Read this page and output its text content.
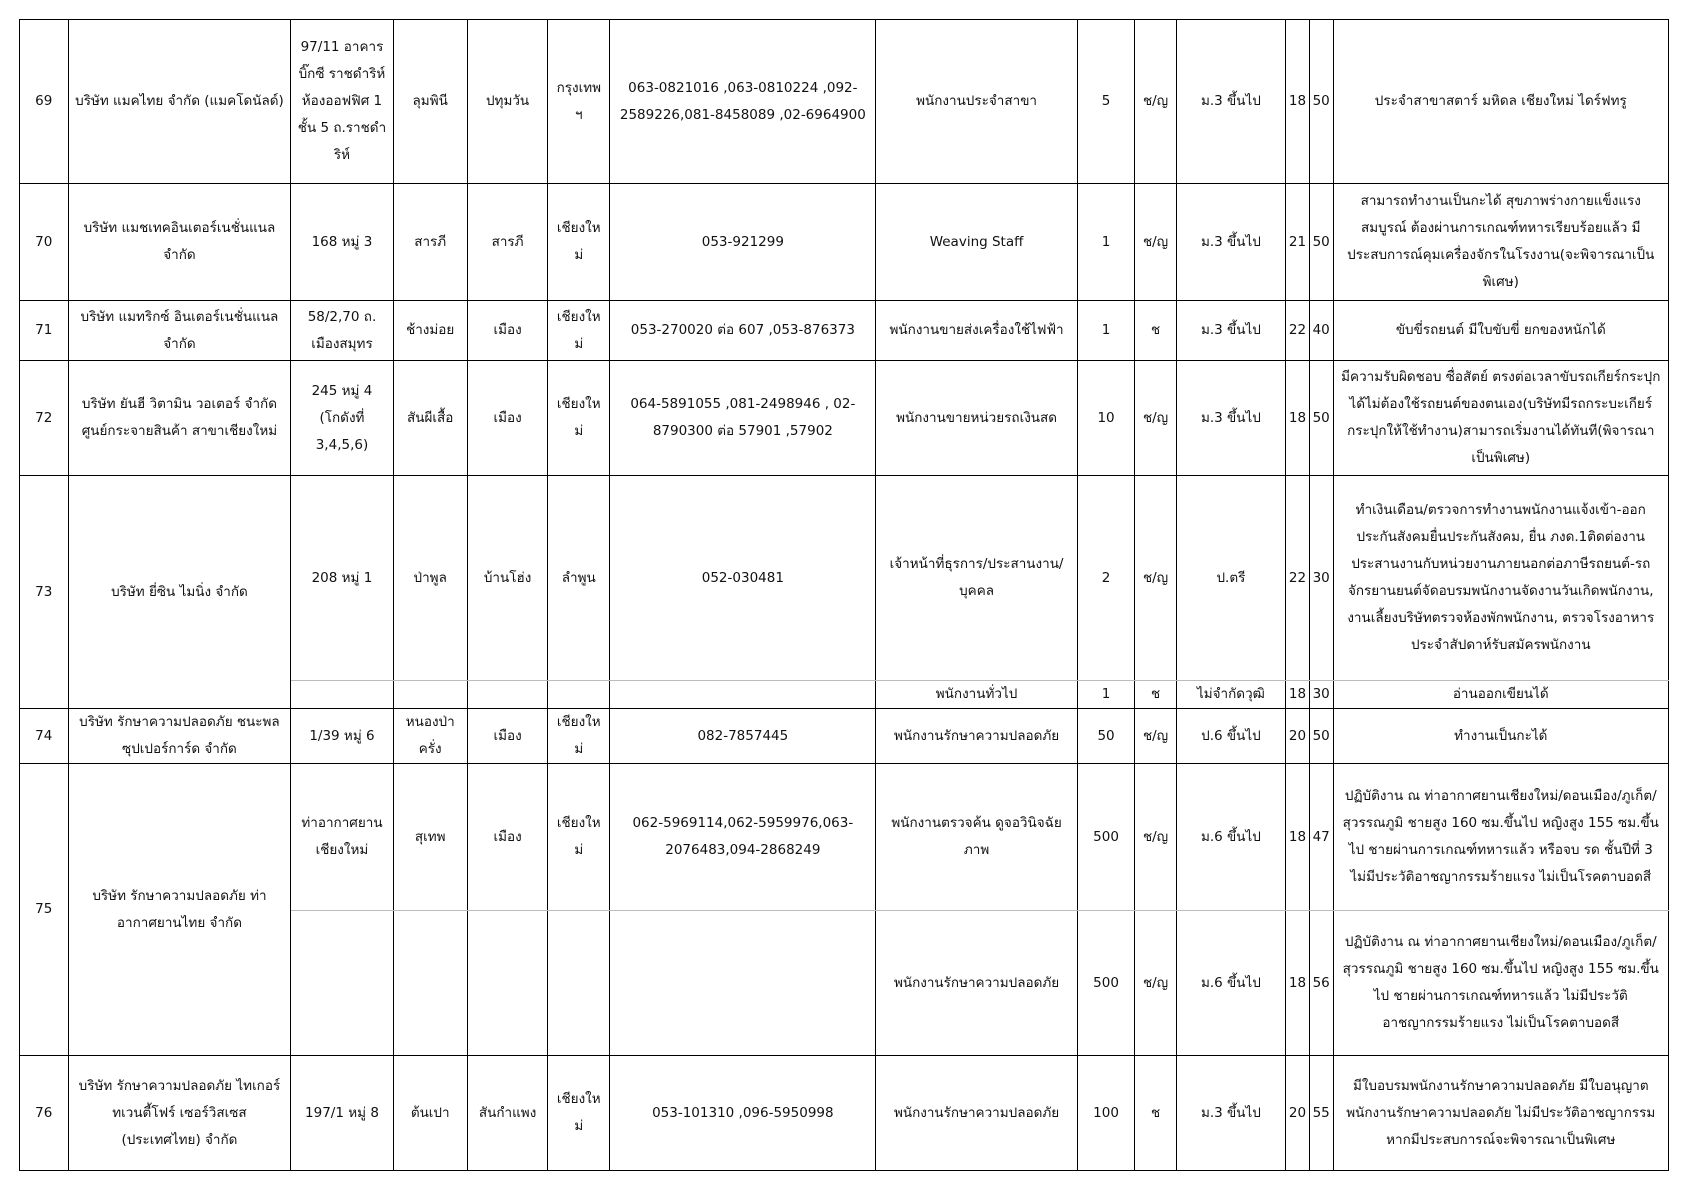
69	บริษัท แมคไทย จำกัด (แมคโดนัลด์)	97/11 อาคาร บิ๊กซี ราชดำริห์ ห้องออฟฟิศ 1 ชั้น 5 ถ.ราชดำริห์	ลุมพินี	ปทุมวัน	กรุงเทพฯ	063-0821016 ,063-0810224 ,092-2589226,081-8458089 ,02-6964900	พนักงานประจำสาขา	5	ช/ญ	ม.3 ขึ้นไป	18	50	ประจำสาขาสตาร์ มหิดล เชียงใหม่ ไดร์ฟทรู
70	บริษัท แมชเทคอินเตอร์เนชั่นแนล จำกัด	168 หมู่ 3	สารภี	สารภี	เชียงใหม่	053-921299	Weaving Staff	1	ช/ญ	ม.3 ขึ้นไป	21	50	สามารถทำงานเป็นกะได้ สุขภาพร่างกายแข็งแรงสมบูรณ์ ต้องผ่านการเกณฑ์ทหารเรียบร้อยแล้ว มีประสบการณ์คุมเครื่องจักรในโรงงาน(จะพิจารณาเป็นพิเศษ)
71	บริษัท แมทริกซ์ อินเตอร์เนชั่นแนล จำกัด	58/2,70 ถ. เมืองสมุทร	ช้างม่อย	เมือง	เชียงใหม่	053-270020 ต่อ 607 ,053-876373	พนักงานขายส่งเครื่องใช้ไฟฟ้า	1	ช	ม.3 ขึ้นไป	22	40	ขับขี่รถยนต์ มีใบขับขี่ ยกของหนักได้
72	บริษัท ยันฮี วิตามิน วอเตอร์ จำกัด ศูนย์กระจายสินค้า สาขาเชียงใหม่	245 หมู่ 4 (โกดังที่ 3,4,5,6)	สันผีเสื้อ	เมือง	เชียงใหม่	064-5891055 ,081-2498946 , 02-8790300 ต่อ 57901 ,57902	พนักงานขายหน่วยรถเงินสด	10	ช/ญ	ม.3 ขึ้นไป	18	50	มีความรับผิดชอบ ซื่อสัตย์ ตรงต่อเวลาขับรถเกียร์กระปุกได้ไม่ต้องใช้รถยนต์ของตนเอง(บริษัทมีรถกระบะเกียร์กระปุกให้ใช้ทำงาน)สามารถเริ่มงานได้ทันที(พิจารณาเป็นพิเศษ)
73	บริษัท ยี่ซิน ไมนิ่ง จำกัด	208 หมู่ 1	ป่าพูล	บ้านโฮ่ง	ลำพูน	052-030481	เจ้าหน้าที่ธุรการ/ประสานงาน/บุคคล	2	ช/ญ	ป.ตรี	22	30	ทำเงินเดือน/ตรวจการทำงานพนักงานแจ้งเข้า-ออก ประกันสังคมยื่นประกันสังคม, ยื่น ภงด.1ติดต่องานประสานงานกับหน่วยงานภายนอกต่อภาษีรถยนต์-รถจักรยานยนต์จัดอบรมพนักงานจัดงานวันเกิดพนักงาน, งานเลี้ยงบริษัทตรวจห้องพักพนักงาน, ตรวจโรงอาหาร ประจำสัปดาห์รับสมัครพนักงาน
							พนักงานทั่วไป	1	ช	ไม่จำกัดวุฒิ	18	30	อ่านออกเขียนได้
74	บริษัท รักษาความปลอดภัย ชนะพล ซุปเปอร์การ์ด จำกัด	1/39 หมู่ 6	หนองป่าครั่ง	เมือง	เชียงใหม่	082-7857445	พนักงานรักษาความปลอดภัย	50	ช/ญ	ป.6 ขึ้นไป	20	50	ทำงานเป็นกะได้
75	บริษัท รักษาความปลอดภัย ท่าอากาศยานไทย จำกัด	ท่าอากาศยาน เชียงใหม่	สุเทพ	เมือง	เชียงใหม่	062-5969114,062-5959976,063-2076483,094-2868249	พนักงานตรวจค้น ดูจอวินิจฉัยภาพ	500	ช/ญ	ม.6 ขึ้นไป	18	47	ปฏิบัติงาน ณ ท่าอากาศยานเชียงใหม่/ดอนเมือง/ภูเก็ต/สุวรรณภูมิ ชายสูง 160 ซม.ขึ้นไป หญิงสูง 155 ซม.ขึ้นไป ชายผ่านการเกณฑ์ทหารแล้ว หรือจบ รด ชั้นปีที่ 3 ไม่มีประวัติอาชญากรรมร้ายแรง ไม่เป็นโรคตาบอดสี
							พนักงานรักษาความปลอดภัย	500	ช/ญ	ม.6 ขึ้นไป	18	56	ปฏิบัติงาน ณ ท่าอากาศยานเชียงใหม่/ดอนเมือง/ภูเก็ต/สุวรรณภูมิ ชายสูง 160 ซม.ขึ้นไป หญิงสูง 155 ซม.ขึ้นไป ชายผ่านการเกณฑ์ทหารแล้ว ไม่มีประวัติอาชญากรรมร้ายแรง ไม่เป็นโรคตาบอดสี
76	บริษัท รักษาความปลอดภัย ไทเกอร์ ทเวนตี้โฟร์ เซอร์วิสเซส (ประเทศไทย) จำกัด	197/1 หมู่ 8	ต้นเปา	สันกำแพง	เชียงใหม่	053-101310 ,096-5950998	พนักงานรักษาความปลอดภัย	100	ช	ม.3 ขึ้นไป	20	55	มีใบอบรมพนักงานรักษาความปลอดภัย มีใบอนุญาตพนักงานรักษาความปลอดภัย ไม่มีประวัติอาชญากรรม หากมีประสบการณ์จะพิจารณาเป็นพิเศษ
